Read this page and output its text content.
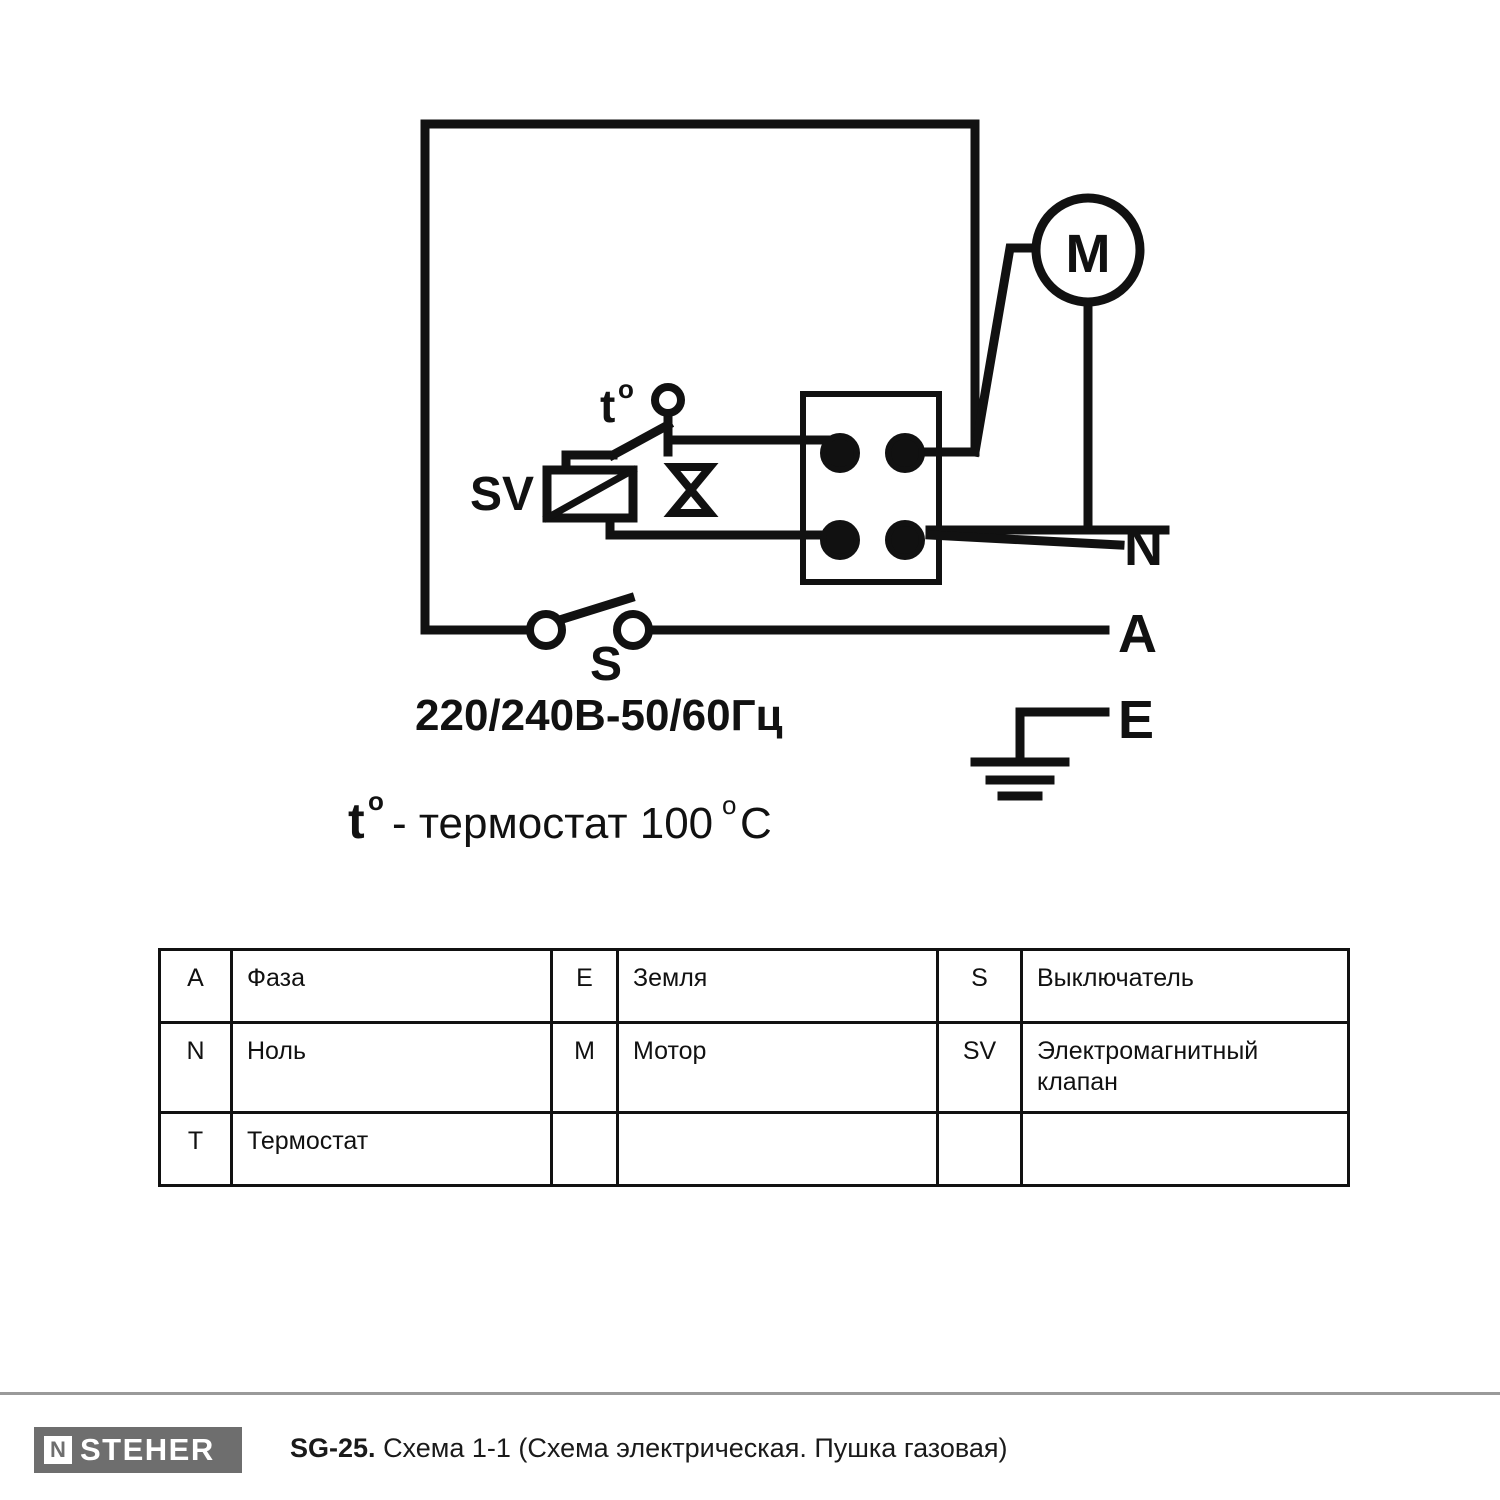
M
t o
SV
S
N
A
E
220/240В-50/60Гц
t o - термостат 100 o С
A	Фаза	E	Земля	S	Выключатель
N	Ноль	M	Мотор	SV	Электромагнитный клапан
T	Термостат				
N STEHER	SG-25. Схема 1-1 (Схема электрическая. Пушка газовая)
